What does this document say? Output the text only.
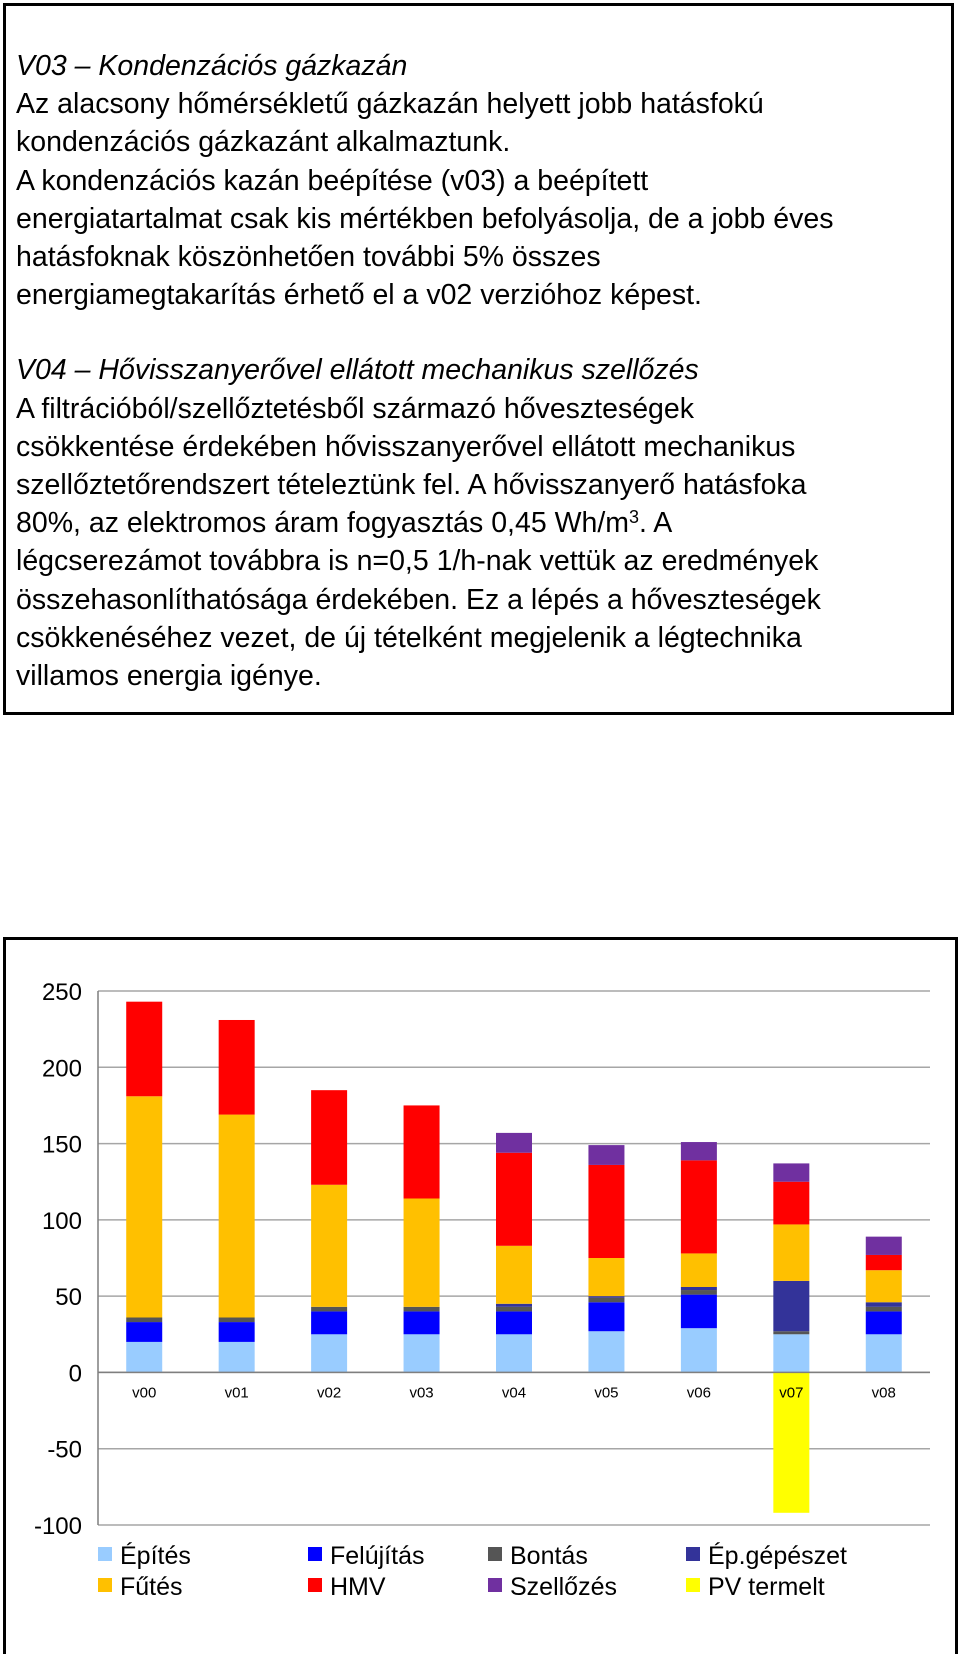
V03 – Kondenzációs gázkazán

Az alacsony hőmérsékletű gázkazán helyett jobb hatásfokú

kondenzációs gázkazánt alkalmaztunk.

A kondenzációs kazán beépítése (v03) a beépített

energiatartalmat csak kis mértékben befolyásolja, de a jobb éves

hatásfoknak köszönhetően további 5% összes

energiamegtakarítás érhető el a v02 verzióhoz képest.

V04 – Hővisszanyerővel ellátott mechanikus szellőzés

A filtrációból/szellőztetésből származó hőveszteségek

csökkentése érdekében hővisszanyerővel ellátott mechanikus

szellőztetőrendszert tételeztünk fel. A hővisszanyerő hatásfoka

80%, az elektromos áram fogyasztás 0,45 $Wh/m^3$. A

légcserezámot továbbra is n=0,5 1/h-nak vettük az eredmények

összehasonlíthatósága érdekében. Ez a lépés a hőveszteségek

csökkenéséhez vezet, de új tételként megjelenik a légtechnika

villamos energia igénye.

250
200
150
100
50
0
-50
-100
v00	v01	v02	v03	v04	v05	v06	v07	v08
Építés	Felújítás	Bontás	Ép.gépészet
Fűtés	HMV	Szellőzés	PV termelt
